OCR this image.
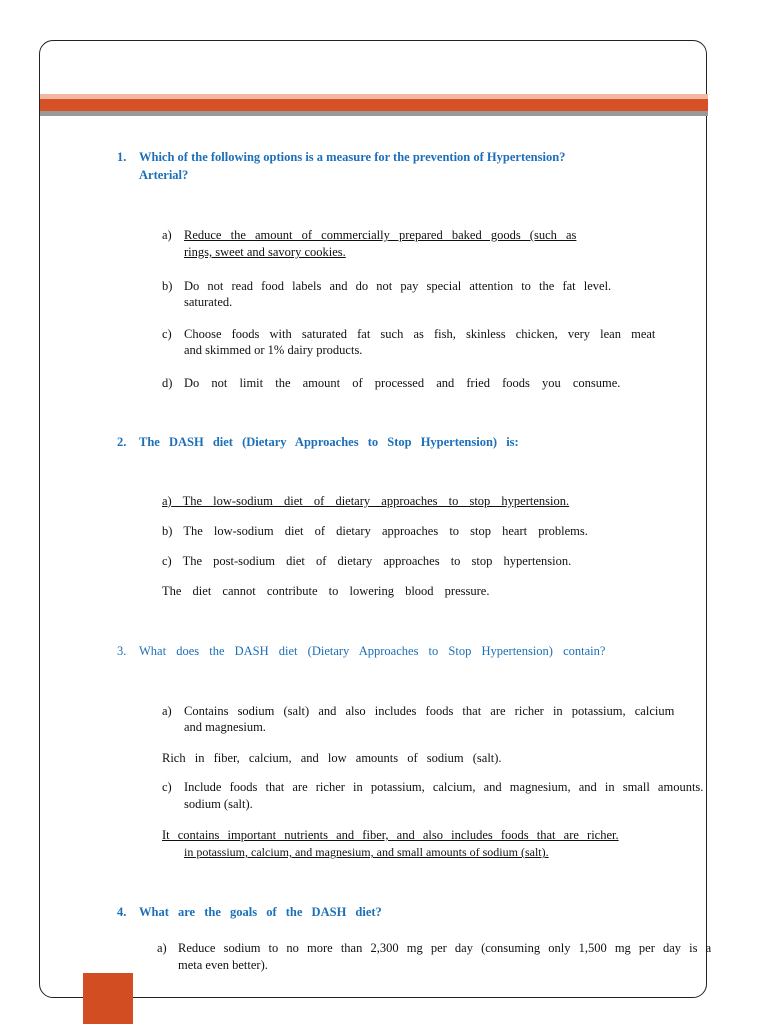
1. Which of the following options is a measure for the prevention of Hypertension?
Arterial?
a) Reduce the amount of commercially prepared baked goods (such as
rings, sweet and savory cookies.
b) Do not read food labels and do not pay special attention to the fat level.
saturated.
c) Choose foods with saturated fat such as fish, skinless chicken, very lean meat
and skimmed or 1% dairy products.
d) Do not limit the amount of processed and fried foods you consume.
2. The DASH diet (Dietary Approaches to Stop Hypertension) is:
a) The low-sodium diet of dietary approaches to stop hypertension.
b) The low-sodium diet of dietary approaches to stop heart problems.
c) The post-sodium diet of dietary approaches to stop hypertension.
The diet cannot contribute to lowering blood pressure.
3. What does the DASH diet (Dietary Approaches to Stop Hypertension) contain?
a) Contains sodium (salt) and also includes foods that are richer in potassium, calcium
and magnesium.
Rich in fiber, calcium, and low amounts of sodium (salt).
c) Include foods that are richer in potassium, calcium, and magnesium, and in small amounts.
sodium (salt).
It contains important nutrients and fiber, and also includes foods that are richer.
in potassium, calcium, and magnesium, and small amounts of sodium (salt).
4. What are the goals of the DASH diet?
a) Reduce sodium to no more than 2,300 mg per day (consuming only 1,500 mg per day is a
meta even better).
